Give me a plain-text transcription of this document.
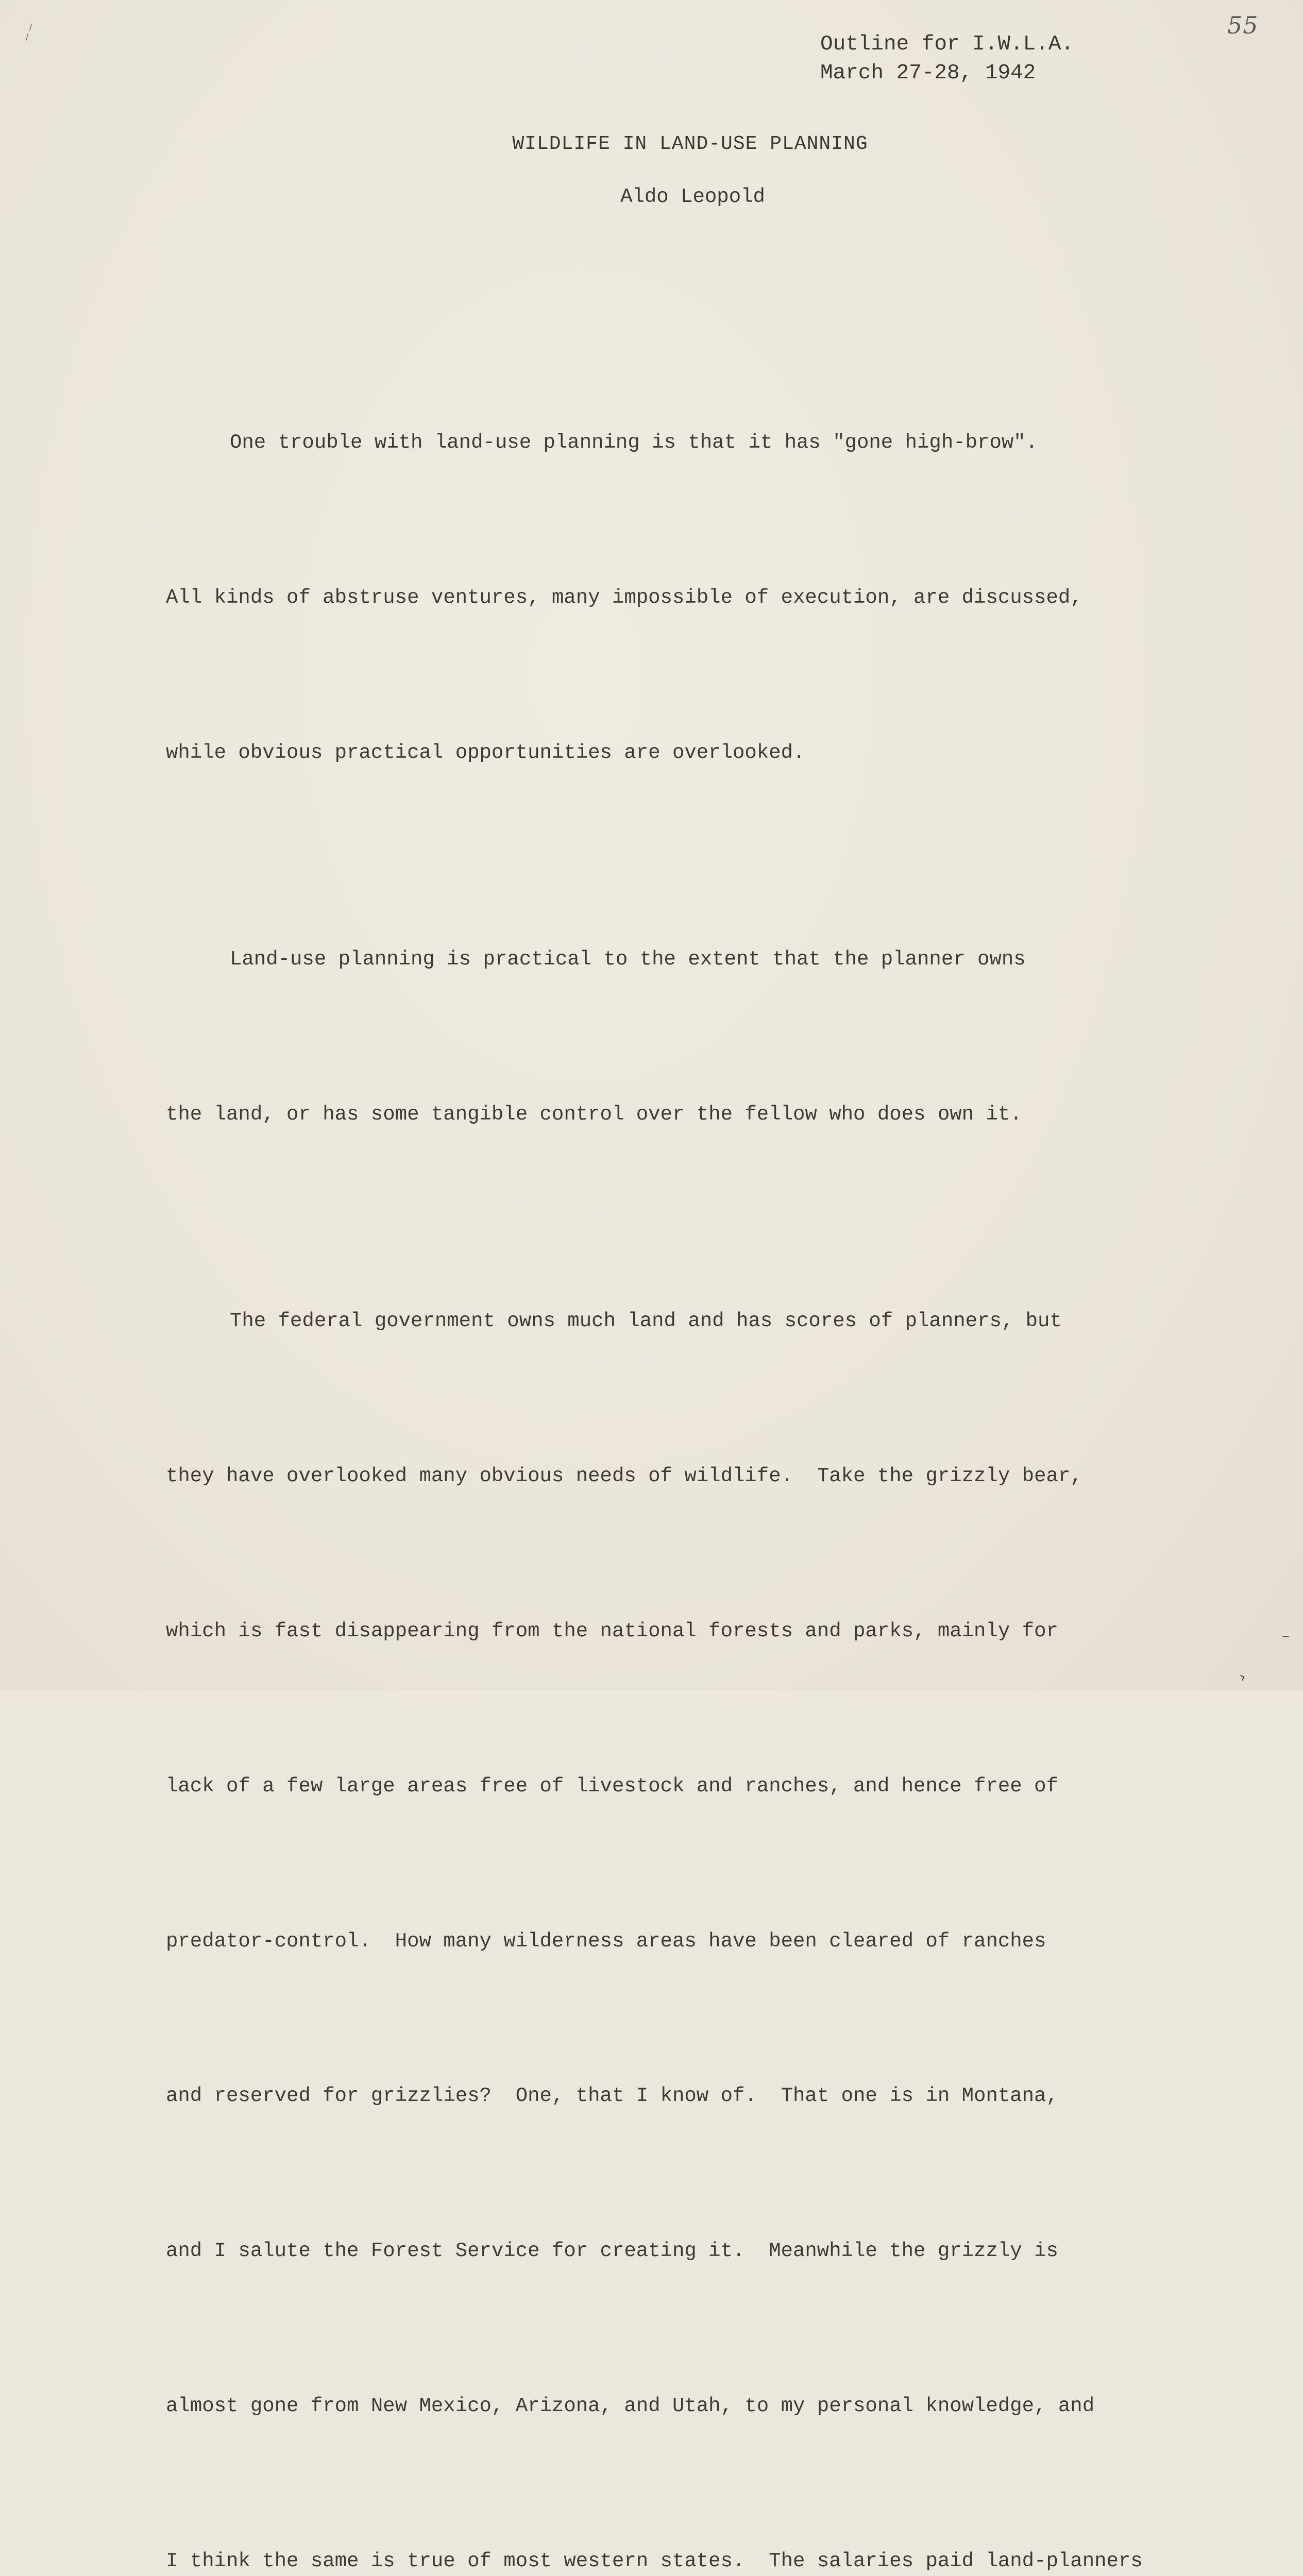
⸝⸍
–
›
55
Outline for I.W.L.A.
March 27-28, 1942
WILDLIFE IN LAND-USE PLANNING
Aldo Leopold

One trouble with land-use planning is that it has "gone high-brow".

All kinds of abstruse ventures, many impossible of execution, are discussed,

while obvious practical opportunities are overlooked.

Land-use planning is practical to the extent that the planner owns

the land, or has some tangible control over the fellow who does own it.

The federal government owns much land and has scores of planners, but

they have overlooked many obvious needs of wildlife.  Take the grizzly bear,

which is fast disappearing from the national forests and parks, mainly for

lack of a few large areas free of livestock and ranches, and hence free of

predator-control.  How many wilderness areas have been cleared of ranches

and reserved for grizzlies?  One, that I know of.  That one is in Montana,

and I salute the Forest Service for creating it.  Meanwhile the grizzly is

almost gone from New Mexico, Arizona, and Utah, to my personal knowledge, and

I think the same is true of most western states.  The salaries paid land-planners
